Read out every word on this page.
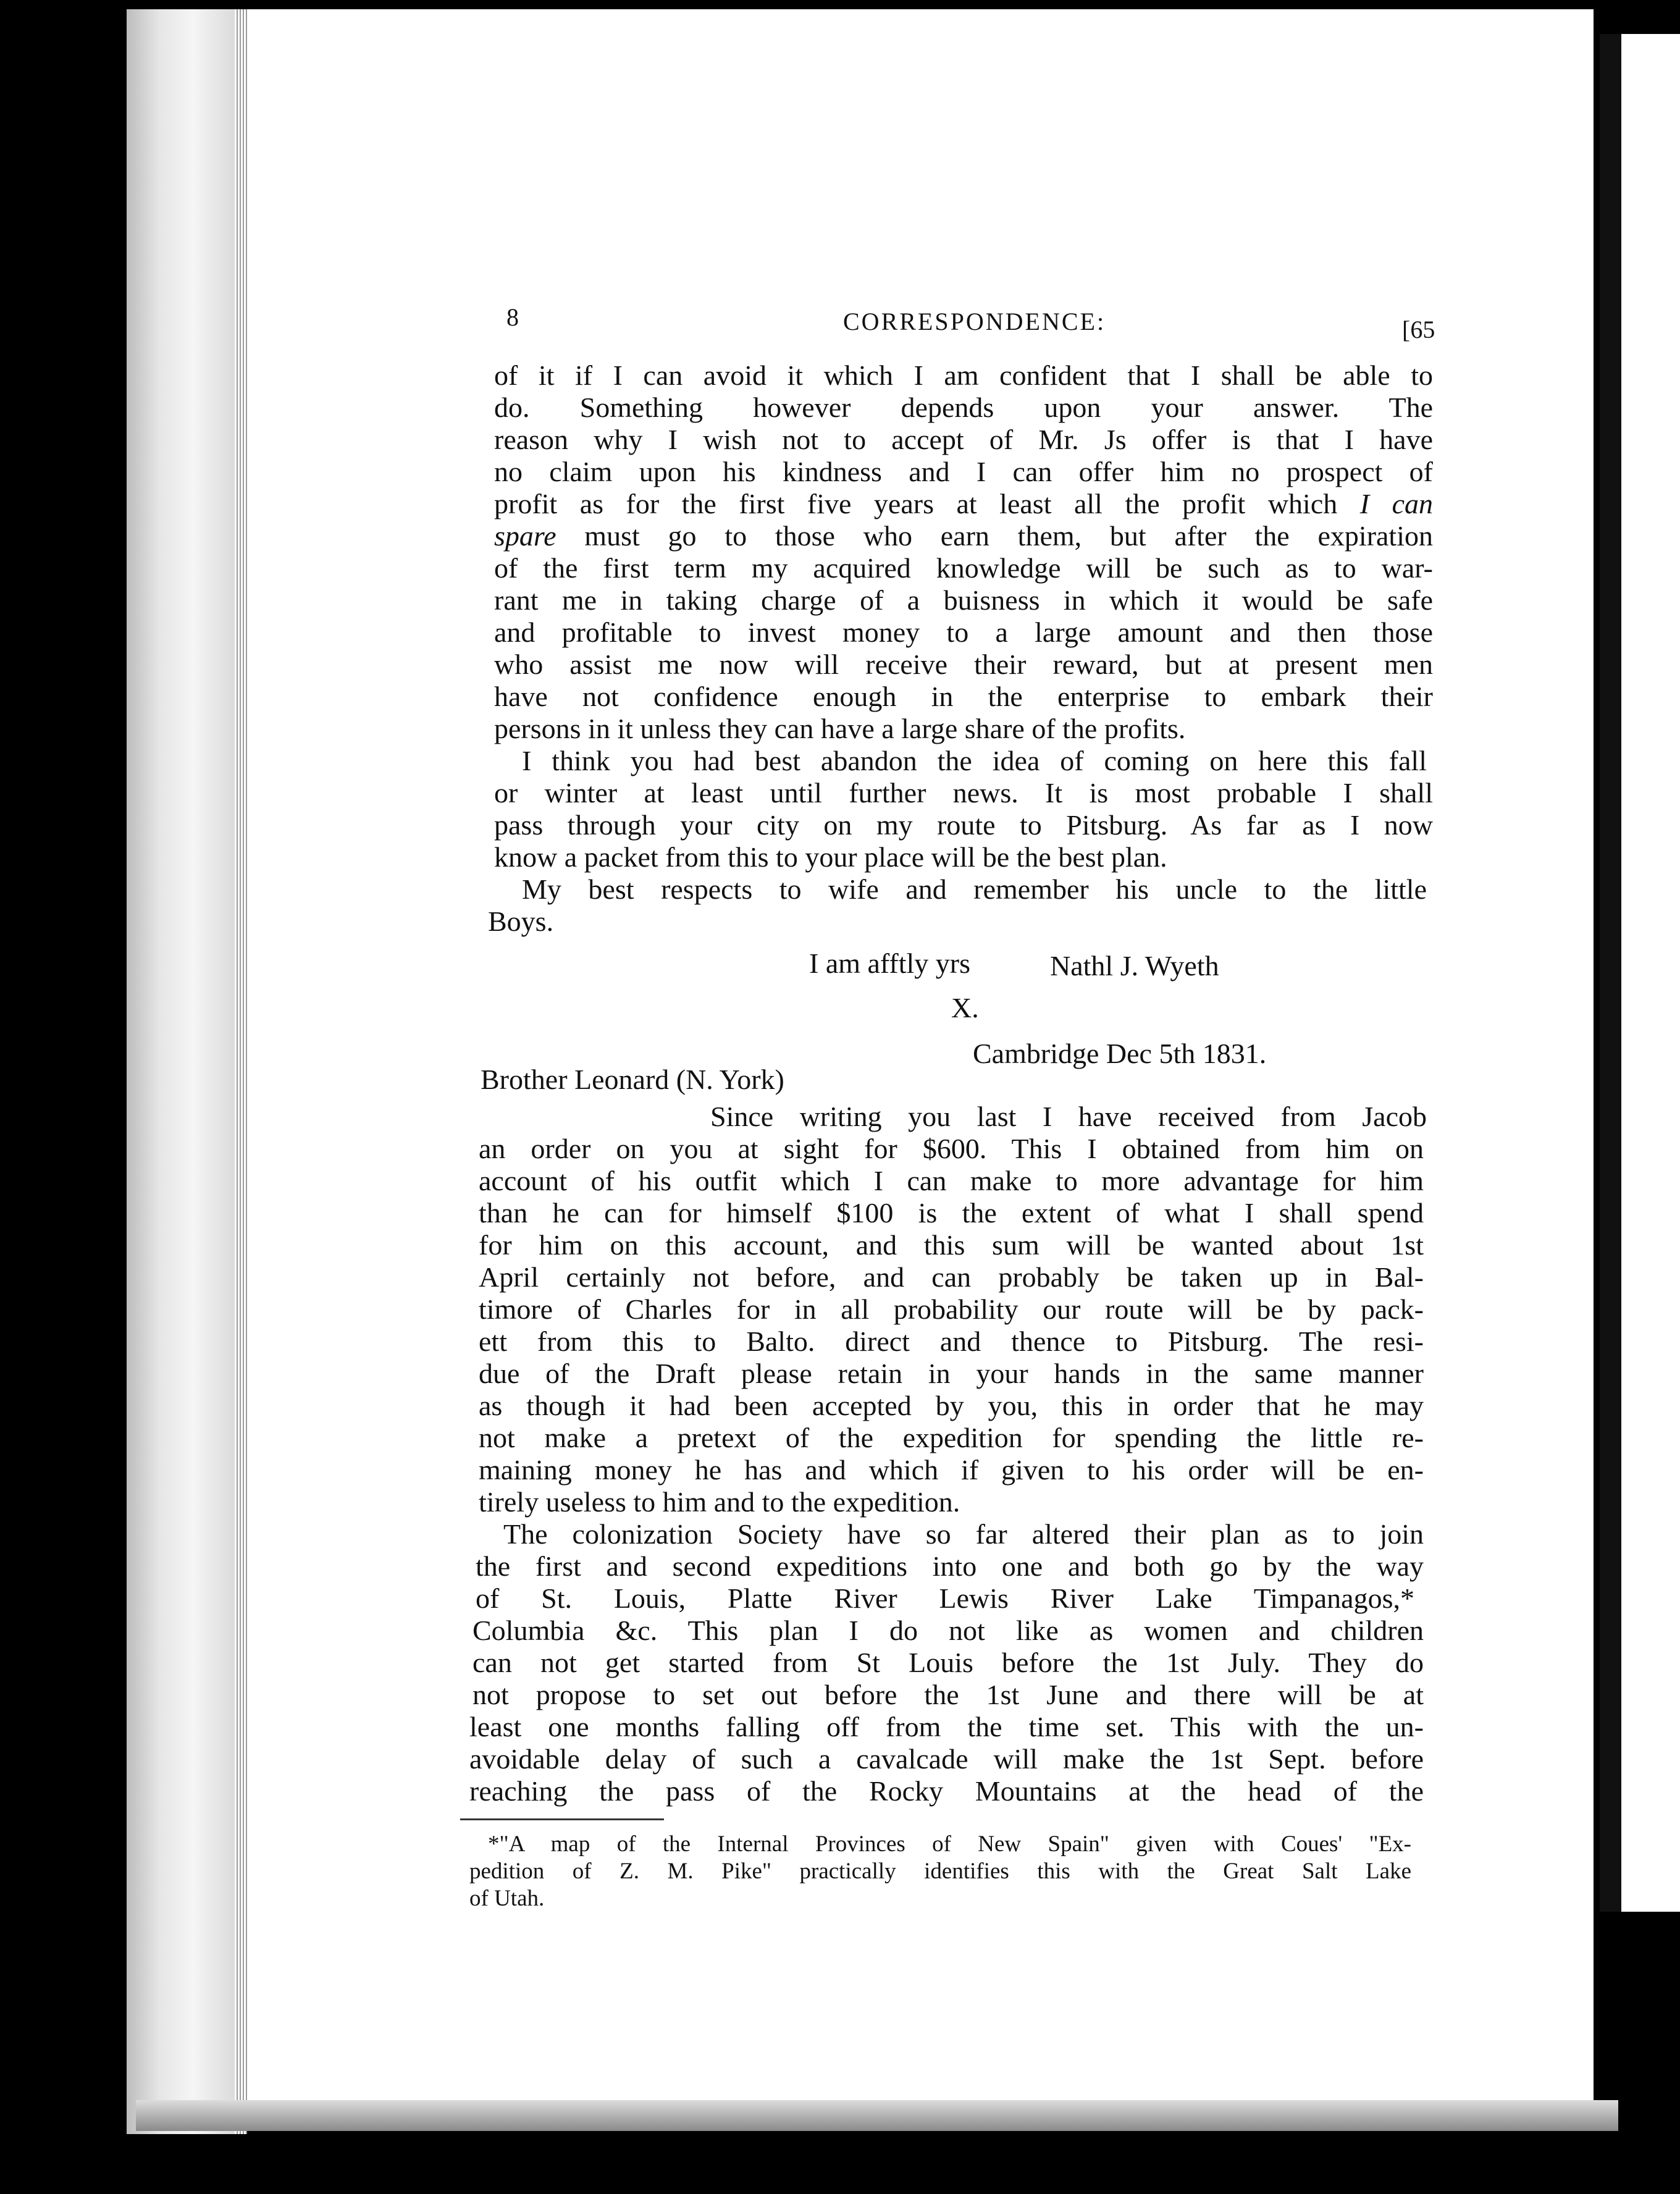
8	CORRESPONDENCE:	[65
of it if I can avoid it which I am confident that I shall be able to
do. Something however depends upon your answer. The
reason why I wish not to accept of Mr. Js offer is that I have
no claim upon his kindness and I can offer him no prospect of
profit as for the first five years at least all the profit which I can
spare must go to those who earn them, but after the expiration
of the first term my acquired knowledge will be such as to war-
rant me in taking charge of a buisness in which it would be safe
and profitable to invest money to a large amount and then those
who assist me now will receive their reward, but at present men
have not confidence enough in the enterprise to embark their
persons in it unless they can have a large share of the profits.
I think you had best abandon the idea of coming on here this fall
or winter at least until further news. It is most probable I shall
pass through your city on my route to Pitsburg. As far as I now
know a packet from this to your place will be the best plan.
My best respects to wife and remember his uncle to the little
Boys.
I am afftly yrs	Nathl J. Wyeth
X.
Cambridge Dec 5th 1831.
Brother Leonard (N. York)
Since writing you last I have received from Jacob
an order on you at sight for $600. This I obtained from him on
account of his outfit which I can make to more advantage for him
than he can for himself $100 is the extent of what I shall spend
for him on this account, and this sum will be wanted about 1st
April certainly not before, and can probably be taken up in Bal-
timore of Charles for in all probability our route will be by pack-
ett from this to Balto. direct and thence to Pitsburg. The resi-
due of the Draft please retain in your hands in the same manner
as though it had been accepted by you, this in order that he may
not make a pretext of the expedition for spending the little re-
maining money he has and which if given to his order will be en-
tirely useless to him and to the expedition.
The colonization Society have so far altered their plan as to join
the first and second expeditions into one and both go by the way
of St. Louis, Platte River Lewis River Lake Timpanagos,*
Columbia &c. This plan I do not like as women and children
can not get started from St Louis before the 1st July. They do
not propose to set out before the 1st June and there will be at
least one months falling off from the time set. This with the un-
avoidable delay of such a cavalcade will make the 1st Sept. before
reaching the pass of the Rocky Mountains at the head of the
*"A map of the Internal Provinces of New Spain" given with Coues' "Ex-
pedition of Z. M. Pike" practically identifies this with the Great Salt Lake
of Utah.
